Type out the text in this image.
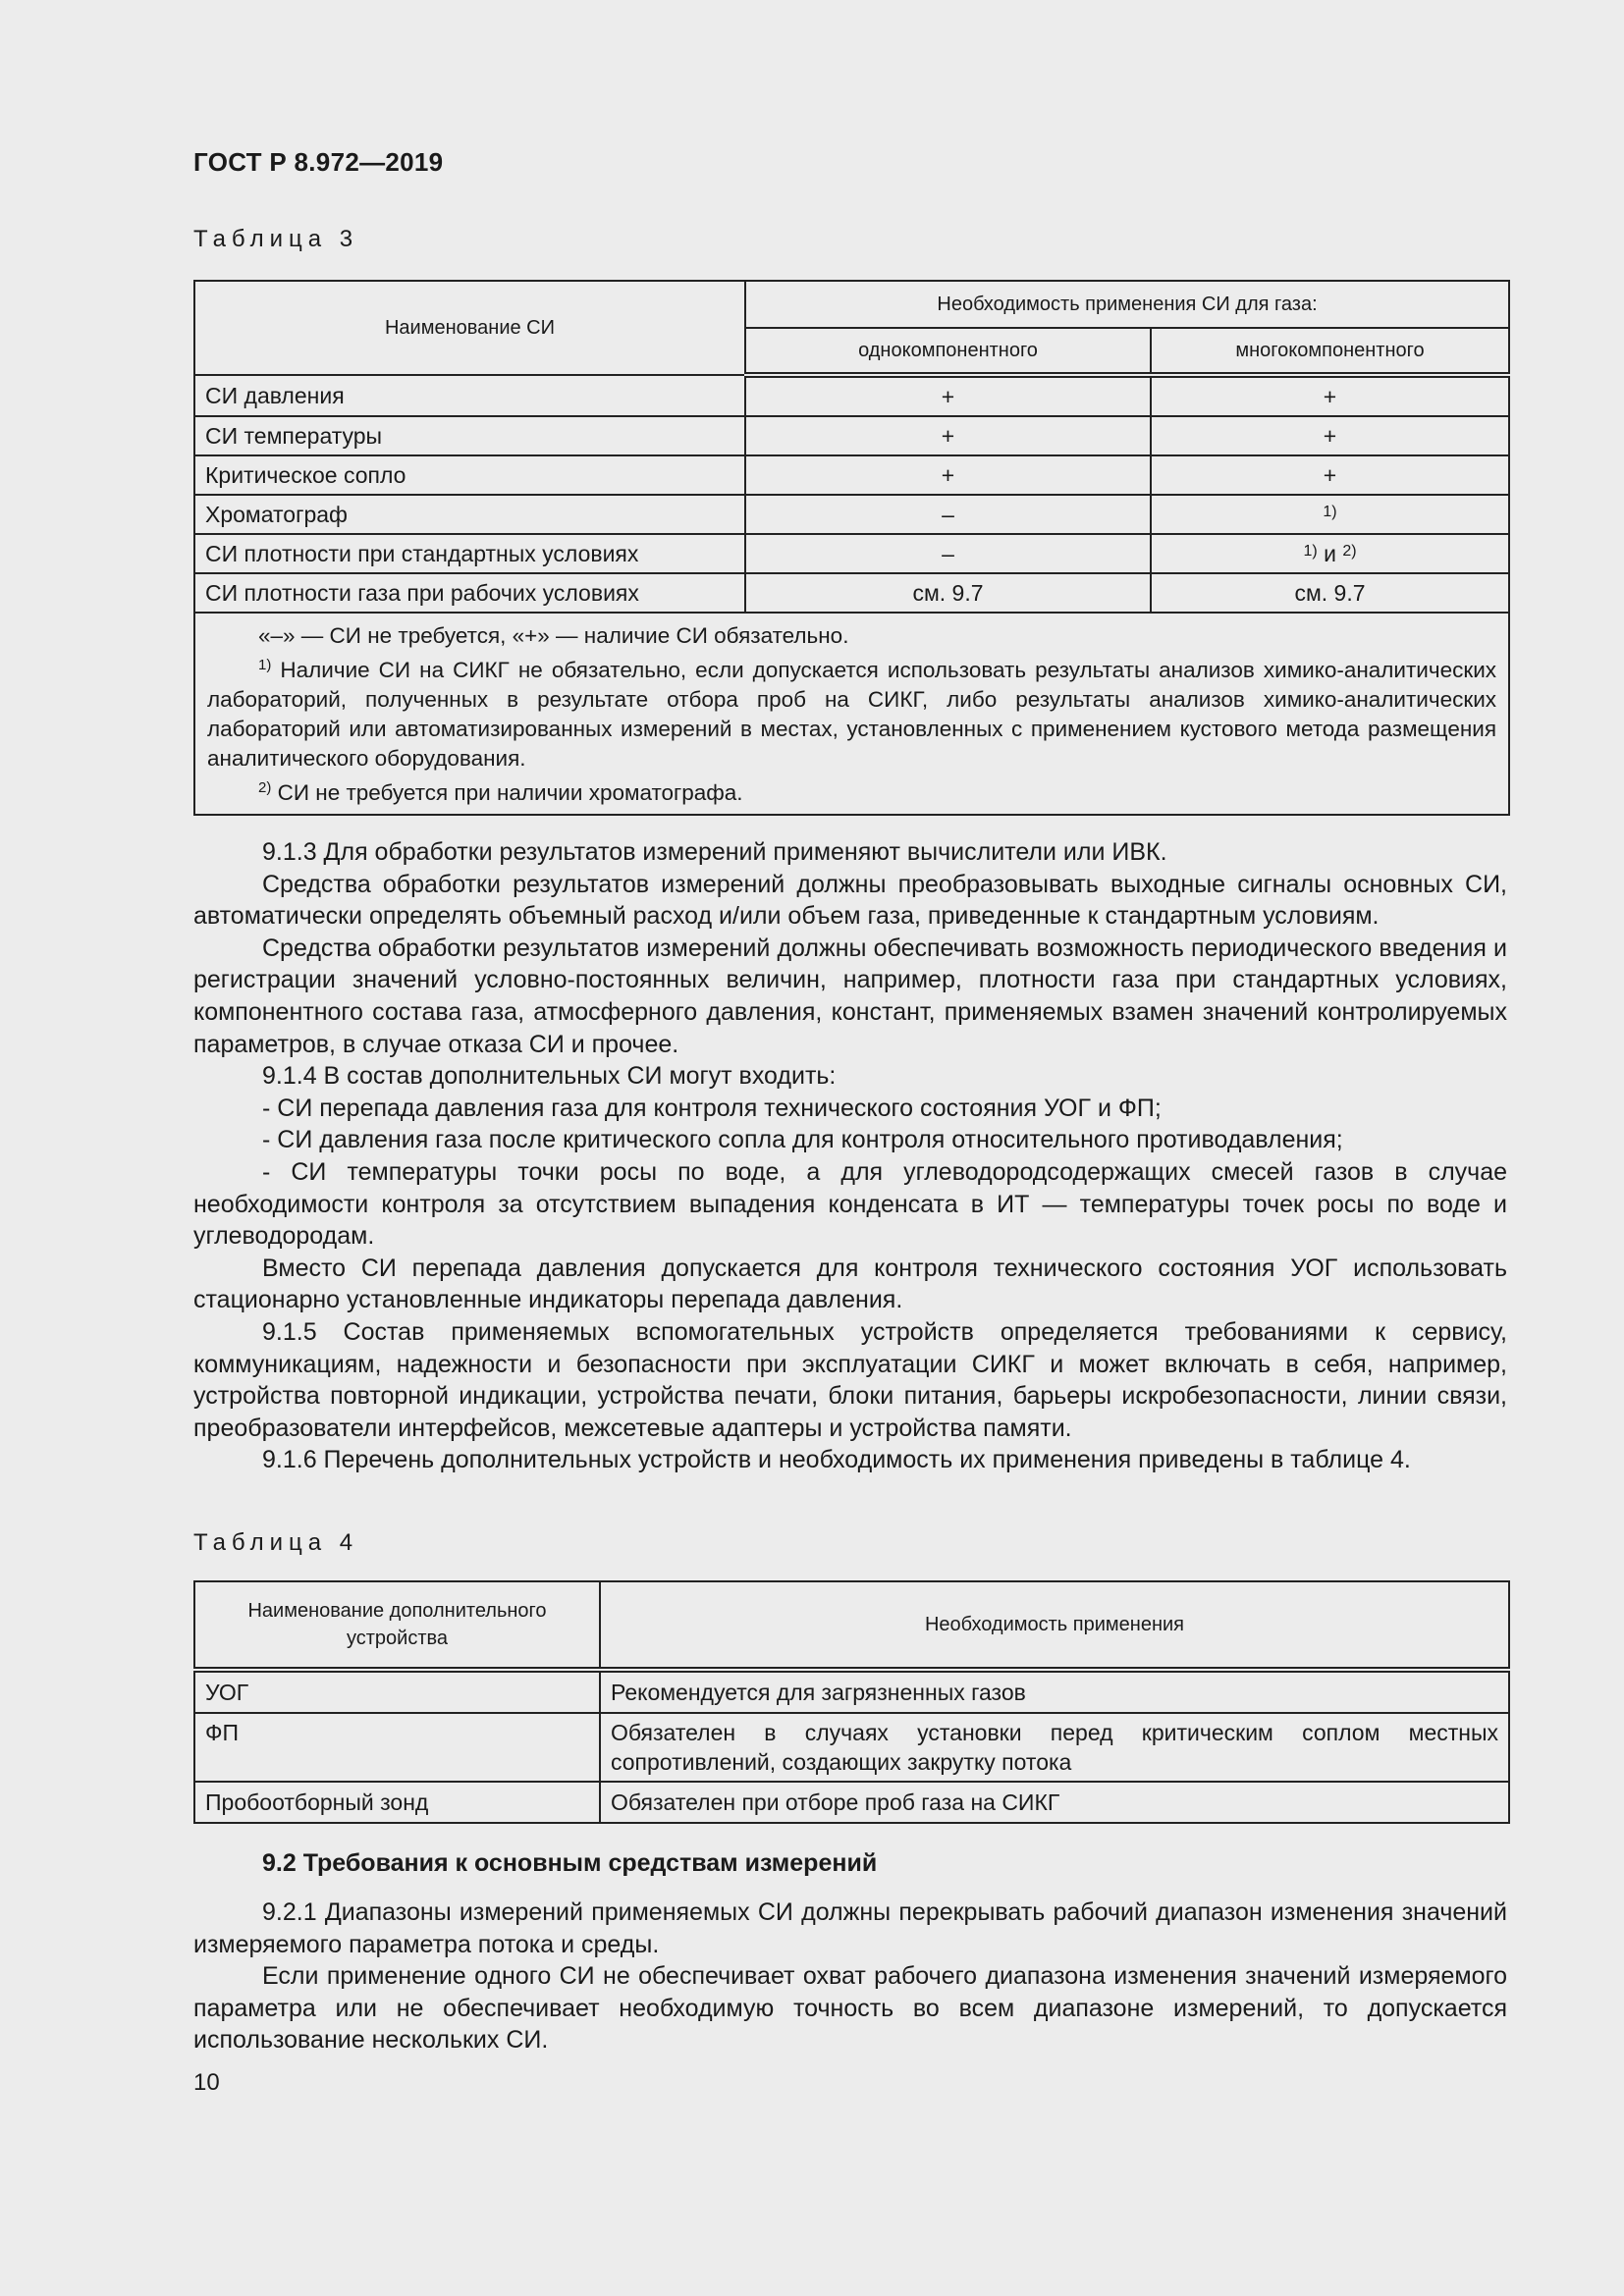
ГОСТ Р 8.972—2019
Таблица 3
Наименование СИ	Необходимость применения СИ для газа:	
	однокомпонентного	многокомпонентного
СИ давления	+	+
СИ температуры	+	+
Критическое сопло	+	+
Хроматограф	–	$^{1)}$
СИ плотности при стандартных условиях	–	$^{1)}$ и $^{2)}$
СИ плотности газа при рабочих условиях	см. 9.7	см. 9.7

«–» — СИ не требуется, «+» — наличие СИ обязательно.
$^{1)}$ Наличие СИ на СИКГ не обязательно, если допускается использовать результаты анализов химико-аналитических лабораторий, полученных в результате отбора проб на СИКГ, либо результаты анализов химико-аналитических лабораторий или автоматизированных измерений в местах, установленных с применением кустового метода размещения аналитического оборудования.
$^{2)}$ СИ не требуется при наличии хроматографа.		

9.1.3 Для обработки результатов измерений применяют вычислители или ИВК.

Средства обработки результатов измерений должны преобразовывать выходные сигналы основных СИ, автоматически определять объемный расход и/или объем газа, приведенные к стандартным условиям.

Средства обработки результатов измерений должны обеспечивать возможность периодического введения и регистрации значений условно-постоянных величин, например, плотности газа при стандартных условиях, компонентного состава газа, атмосферного давления, констант, применяемых взамен значений контролируемых параметров, в случае отказа СИ и прочее.

9.1.4 В состав дополнительных СИ могут входить:

- СИ перепада давления газа для контроля технического состояния УОГ и ФП;

- СИ давления газа после критического сопла для контроля относительного противодавления;

- СИ температуры точки росы по воде, а для углеводородсодержащих смесей газов в случае необходимости контроля за отсутствием выпадения конденсата в ИТ — температуры точек росы по воде и углеводородам.

Вместо СИ перепада давления допускается для контроля технического состояния УОГ использовать стационарно установленные индикаторы перепада давления.

9.1.5 Состав применяемых вспомогательных устройств определяется требованиями к сервису, коммуникациям, надежности и безопасности при эксплуатации СИКГ и может включать в себя, например, устройства повторной индикации, устройства печати, блоки питания, барьеры искробезопасности, линии связи, преобразователи интерфейсов, межсетевые адаптеры и устройства памяти.

9.1.6 Перечень дополнительных устройств и необходимость их применения приведены в таблице 4.

Таблица 4
Наименование дополнительного устройства	Необходимость применения
УОГ	Рекомендуется для загрязненных газов
ФП	Обязателен в случаях установки перед критическим соплом местных сопротивлений, создающих закрутку потока
Пробоотборный зонд	Обязателен при отборе проб газа на СИКГ
9.2 Требования к основным средствам измерений

9.2.1 Диапазоны измерений применяемых СИ должны перекрывать рабочий диапазон изменения значений измеряемого параметра потока и среды.

Если применение одного СИ не обеспечивает охват рабочего диапазона изменения значений измеряемого параметра или не обеспечивает необходимую точность во всем диапазоне измерений, то допускается использование нескольких СИ.

10
